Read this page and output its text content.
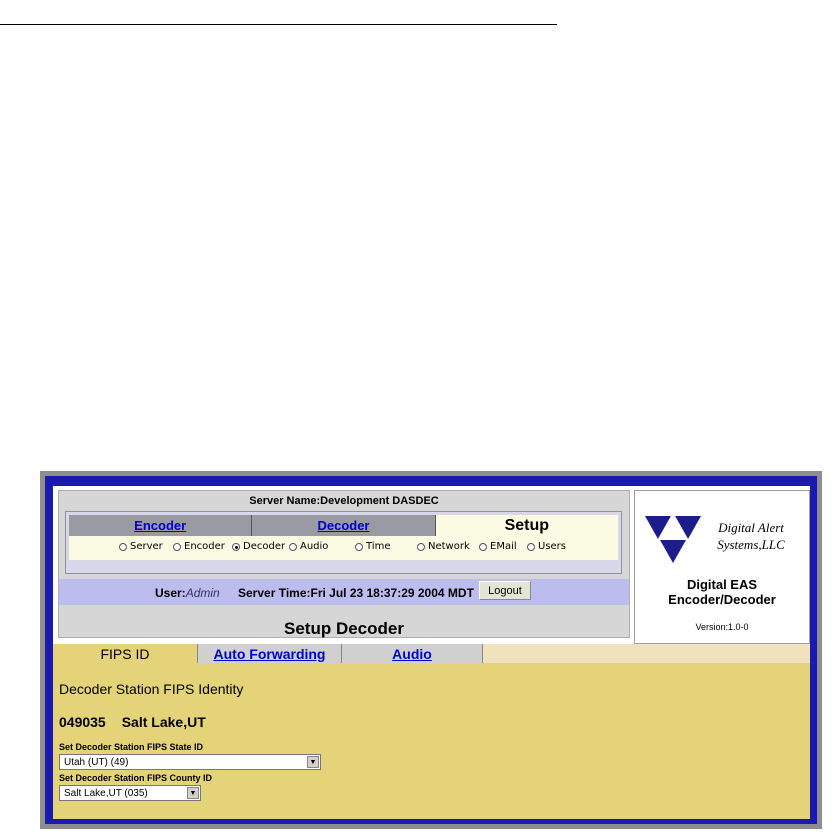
Server Name:Development DASDEC
Encoder	Decoder	Setup
Server Encoder Decoder Audio	Time	Network EMail Users
User:Admin Server Time:Fri Jul 23 18:37:29 2004 MDT	Logout
Setup Decoder
Digital Alert
Systems,LLC
Digital EAS
Encoder/Decoder
Version:1.0-0
FIPS ID	Auto Forwarding	Audio
Decoder Station FIPS Identity
049035 Salt Lake,UT
Set Decoder Station FIPS State ID
Utah (UT) (49)	▼
Set Decoder Station FIPS County ID
Salt Lake,UT (035)	▼
